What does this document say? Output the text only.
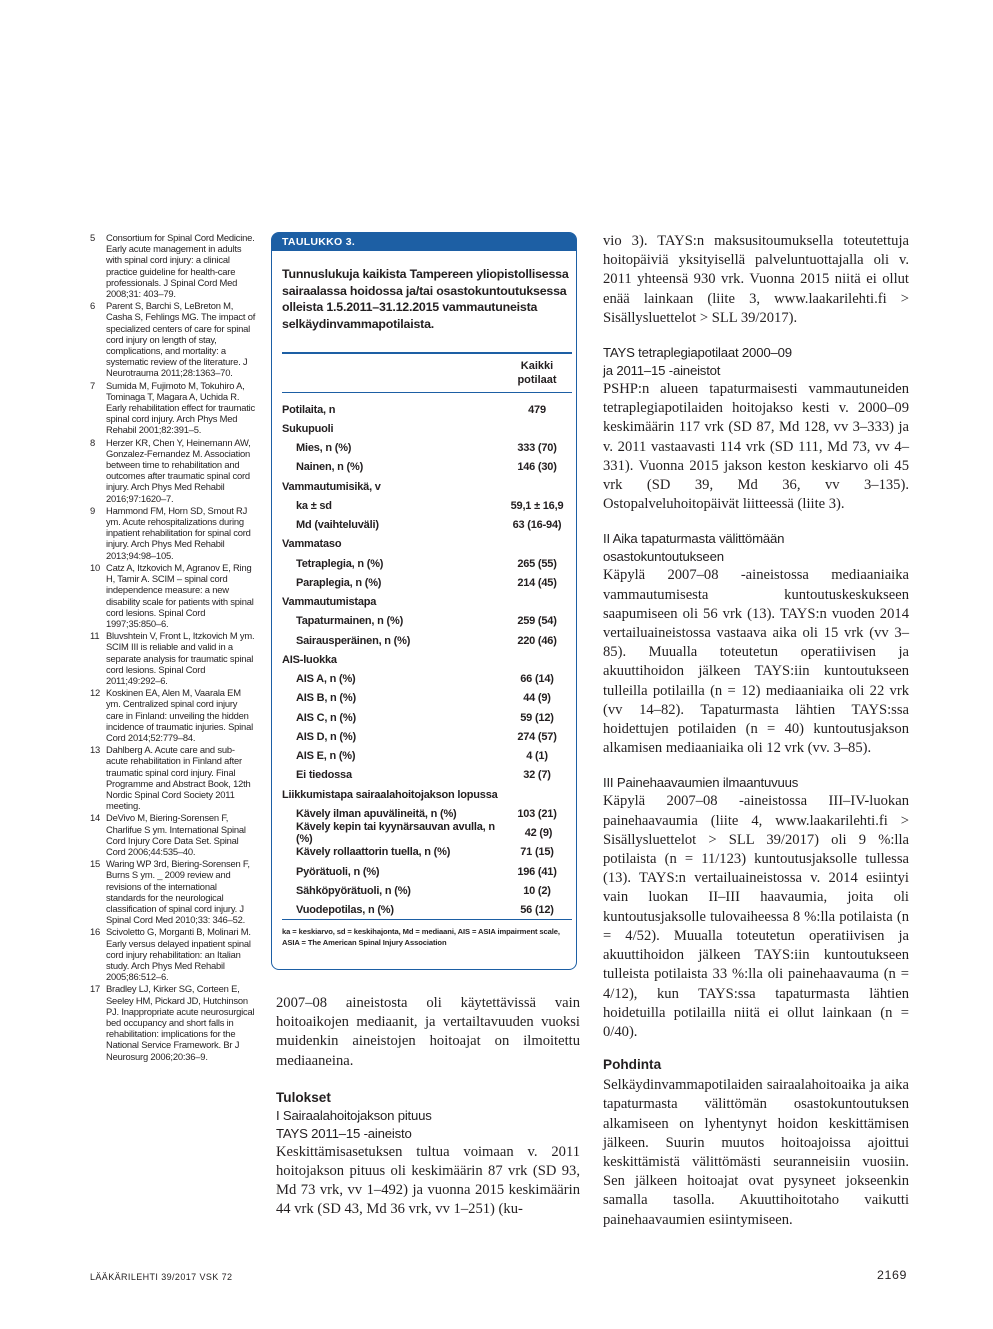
5	Consortium for Spinal Cord Medicine. Early acute management in adults with spinal cord injury: a clinical practice guideline for health-care professionals. J Spinal Cord Med 2008;31: 403–79.
6	Parent S, Barchi S, LeBreton M, Casha S, Fehlings MG. The impact of specialized centers of care for spinal cord injury on length of stay, complications, and mortality: a systematic review of the literature. J Neurotrauma 2011;28:1363–70.
7	Sumida M, Fujimoto M, Tokuhiro A, Tominaga T, Magara A, Uchida R. Early rehabilitation effect for traumatic spinal cord injury. Arch Phys Med Rehabil 2001;82:391–5.
8	Herzer KR, Chen Y, Heinemann AW, Gonzalez-Fernandez M. Association between time to rehabilitation and outcomes after traumatic spinal cord injury. Arch Phys Med Rehabil 2016;97:1620–7.
9	Hammond FM, Horn SD, Smout RJ ym. Acute rehospitalizations during inpatient rehabilitation for spinal cord injury. Arch Phys Med Rehabil 2013;94:98–105.
10 Catz A, Itzkovich M, Agranov E, Ring H, Tamir A. SCIM – spinal cord independence measure: a new disability scale for patients with spinal cord lesions. Spinal Cord 1997;35:850–6.
11 Bluvshtein V, Front L, Itzkovich M ym. SCIM III is reliable and valid in a separate analysis for traumatic spinal cord lesions. Spinal Cord 2011;49:292–6.
12 Koskinen EA, Alen M, Vaarala EM ym. Centralized spinal cord injury care in Finland: unveiling the hidden incidence of traumatic injuries. Spinal Cord 2014;52:779–84.
13 Dahlberg A. Acute care and sub-acute rehabilitation in Finland after traumatic spinal cord injury. Final Programme and Abstract Book, 12th Nordic Spinal Cord Society 2011 meeting.
14 DeVivo M, Biering-Sorensen F, Charlifue S ym. International Spinal Cord Injury Core Data Set. Spinal Cord 2006;44:535–40.
15 Waring WP 3rd, Biering-Sorensen F, Burns S ym. _ 2009 review and revisions of the international standards for the neurological classification of spinal cord injury. J Spinal Cord Med 2010;33: 346–52.
16 Scivoletto G, Morganti B, Molinari M. Early versus delayed inpatient spinal cord injury rehabilitation: an Italian study. Arch Phys Med Rehabil 2005;86:512–6.
17 Bradley LJ, Kirker SG, Corteen E, Seeley HM, Pickard JD, Hutchinson PJ. Inappropriate acute neurosurgical bed occupancy and short falls in rehabilitation: implications for the National Service Framework. Br J Neurosurg 2006;20:36–9.
TAULUKKO 3.
Tunnuslukuja kaikista Tampereen yliopistollisessa sairaalassa hoidossa ja/tai osastokuntoutuksessa olleista 1.5.2011–31.12.2015 vammautuneista selkäydinvammapotilaista.
Kaikki
potilaat
Potilaita, n	479
Sukupuoli
Mies, n (%)	333 (70)
Nainen, n (%)	146 (30)
Vammautumisikä, v
ka ± sd	59,1 ± 16,9
Md (vaihteluväli)	63 (16-94)
Vammataso
Tetraplegia, n (%)	265 (55)
Paraplegia, n (%)	214 (45)
Vammautumistapa
Tapaturmainen, n (%)	259 (54)
Sairausperäinen, n (%)	220 (46)
AIS-luokka
AIS A, n (%)	66 (14)
AIS B, n (%)	44 (9)
AIS C, n (%)	59 (12)
AIS D, n (%)	274 (57)
AIS E, n (%)	4 (1)
Ei tiedossa	32 (7)
Liikkumistapa sairaalahoitojakson lopussa
Kävely ilman apuvälineitä, n (%)	103 (21)
Kävely kepin tai kyynärsauvan avulla, n (%)	42 (9)
Kävely rollaattorin tuella, n (%)	71 (15)
Pyörätuoli, n (%)	196 (41)
Sähköpyörätuoli, n (%)	10 (2)
Vuodepotilas, n (%)	56 (12)
ka = keskiarvo, sd = keskihajonta, Md = mediaani, AIS = ASIA impairment scale, ASIA = The American Spinal Injury Association

2007–08 aineistosta oli käytettävissä vain hoitoaikojen mediaanit, ja vertailtavuuden vuoksi muidenkin aineistojen hoitoajat on ilmoitettu mediaaneina.

Tulokset
I Sairaalahoitojakson pituus
TAYS 2011–15 -aineisto

Keskittämisasetuksen tultua voimaan v. 2011 hoitojakson pituus oli keskimäärin 87 vrk (SD 93, Md 73 vrk, vv 1–492) ja vuonna 2015 keskimäärin 44 vrk (SD 43, Md 36 vrk, vv 1–251) (ku-

vio 3). TAYS:n maksusitoumuksella toteutettuja hoitopäiviä yksityisellä palveluntuottajalla oli v. 2011 yhteensä 930 vrk. Vuonna 2015 niitä ei ollut enää lainkaan (liite 3, www.laakarilehti.fi > Sisällysluettelot > SLL 39/2017).

TAYS tetraplegiapotilaat 2000–09
ja 2011–15 -aineistot

PSHP:n alueen tapaturmaisesti vammautuneiden tetraplegiapotilaiden hoitojakso kesti v. 2000–09 keskimäärin 117 vrk (SD 87, Md 128, vv 3–333) ja v. 2011 vastaavasti 114 vrk (SD 111, Md 73, vv 4–331). Vuonna 2015 jakson keston keskiarvo oli 45 vrk (SD 39, Md 36, vv 3–135). Ostopalveluhoitopäivät liitteessä (liite 3).

II Aika tapaturmasta välittömään
osastokuntoutukseen

Käpylä 2007–08 -aineistossa mediaaniaika vammautumisesta kuntoutuskeskukseen saapumiseen oli 56 vrk (13). TAYS:n vuoden 2014 vertailuaineistossa vastaava aika oli 15 vrk (vv 3–85). Muualla toteutetun operatiivisen ja akuuttihoidon jälkeen TAYS:iin kuntoutukseen tulleilla potilailla (n = 12) mediaaniaika oli 22 vrk (vv 14–82). Tapaturmasta lähtien TAYS:ssa hoidettujen potilaiden (n = 40) kuntoutusjakson alkamisen mediaaniaika oli 12 vrk (vv. 3–85).

III Painehaavaumien ilmaantuvuus

Käpylä 2007–08 -aineistossa III–IV-luokan painehaavaumia (liite 4, www.laakarilehti.fi > Sisällysluettelot > SLL 39/2017) oli 9 %:lla potilaista (n = 11/123) kuntoutusjaksolle tullessa (13). TAYS:n vertailuaineistossa v. 2014 esiintyi vain luokan II–III haavaumia, joita oli kuntoutusjaksolle tulovaiheessa 8 %:lla potilaista (n = 4/52). Muualla toteutetun operatiivisen ja akuuttihoidon jälkeen TAYS:iin kuntoutukseen tulleista potilaista 33 %:lla oli painehaavauma (n = 4/12), kun TAYS:ssa tapaturmasta lähtien hoidetuilla potilailla niitä ei ollut lainkaan (n = 0/40).

Pohdinta

Selkäydinvammapotilaiden sairaalahoitoaika ja aika tapaturmasta välittömän osastokuntoutuksen alkamiseen on lyhentynyt hoidon keskittämisen jälkeen. Suurin muutos hoitoajoissa ajoittui keskittämistä välittömästi seuranneisiin vuosiin. Sen jälkeen hoitoajat ovat pysyneet jokseenkin samalla tasolla. Akuuttihoitotaho vaikutti painehaavaumien esiintymiseen.

LÄÄKÄRILEHTI 39/2017 VSK 72	2169
